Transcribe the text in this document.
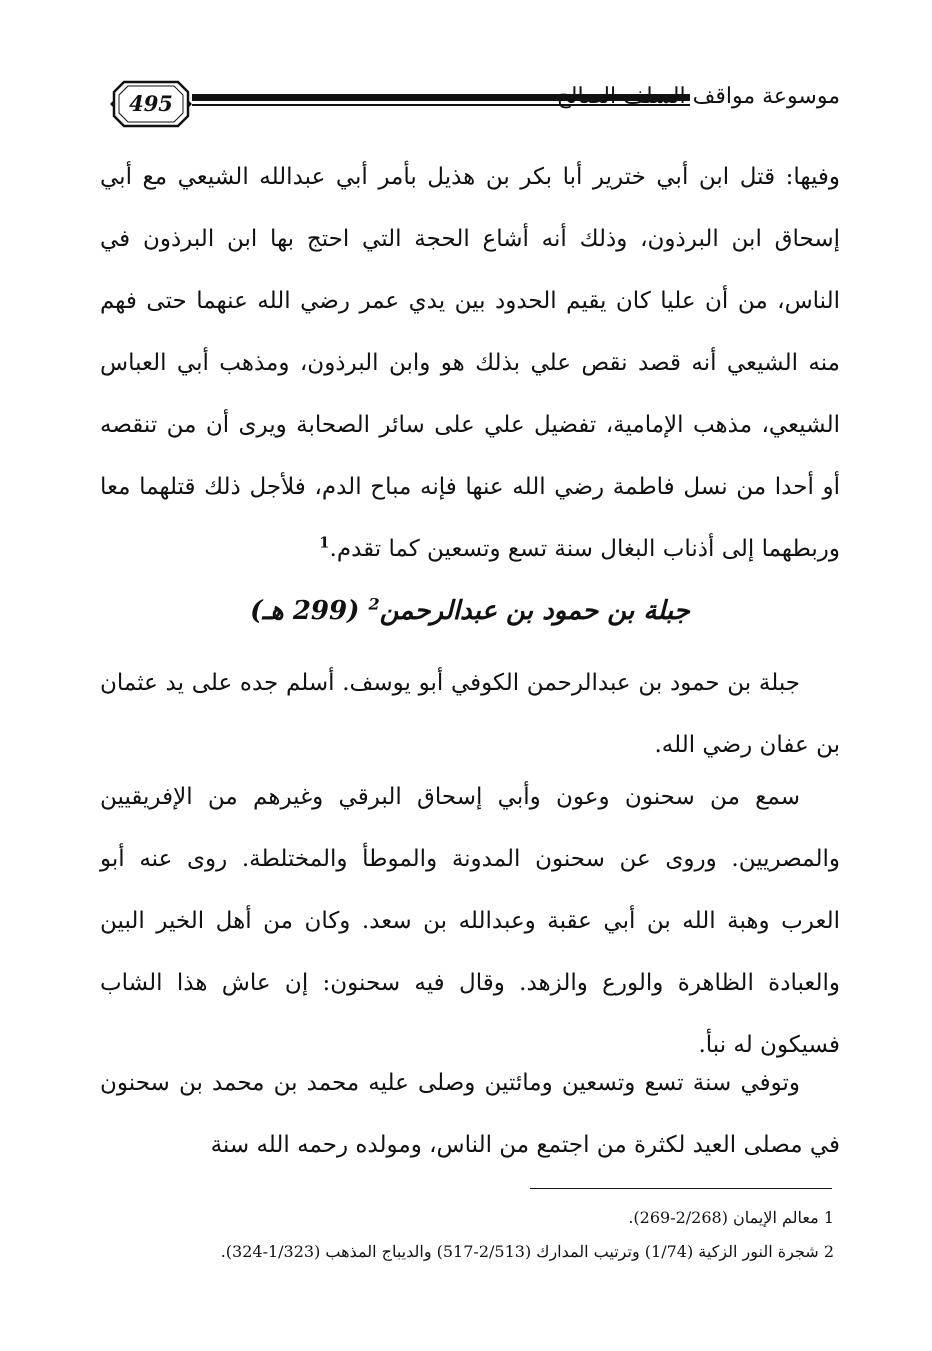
495	موسوعة مواقف السلف الصالح

وفيها: قتل ابن أبي خترير أبا بكر بن هذيل بأمر أبي عبدالله الشيعي مع أبي إسحاق ابن البرذون، وذلك أنه أشاع الحجة التي احتج بها ابن البرذون في الناس، من أن عليا كان يقيم الحدود بين يدي عمر رضي الله عنهما حتى فهم منه الشيعي أنه قصد نقص علي بذلك هو وابن البرذون، ومذهب أبي العباس الشيعي، مذهب الإمامية، تفضيل علي على سائر الصحابة ويرى أن من تنقصه أو أحدا من نسل فاطمة رضي الله عنها فإنه مباح الدم، فلأجل ذلك قتلهما معا وربطهما إلى أذناب البغال سنة تسع وتسعين كما تقدم.$^1$

جبلة بن حمود بن عبدالرحمن$^2$ (299 هـ)

جبلة بن حمود بن عبدالرحمن الكوفي أبو يوسف. أسلم جده على يد عثمان بن عفان رضي الله.

سمع من سحنون وعون وأبي إسحاق البرقي وغيرهم من الإفريقيين والمصريين. وروى عن سحنون المدونة والموطأ والمختلطة. روى عنه أبو العرب وهبة الله بن أبي عقبة وعبدالله بن سعد. وكان من أهل الخير البين والعبادة الظاهرة والورع والزهد. وقال فيه سحنون: إن عاش هذا الشاب فسيكون له نبأ.

وتوفي سنة تسع وتسعين ومائتين وصلى عليه محمد بن محمد بن سحنون في مصلى العيد لكثرة من اجتمع من الناس، ومولده رحمه الله سنة

1 معالم الإيمان (2/268-269).
2 شجرة النور الزكية (1/74) وترتيب المدارك (2/513-517) والديباج المذهب (1/323-324).
